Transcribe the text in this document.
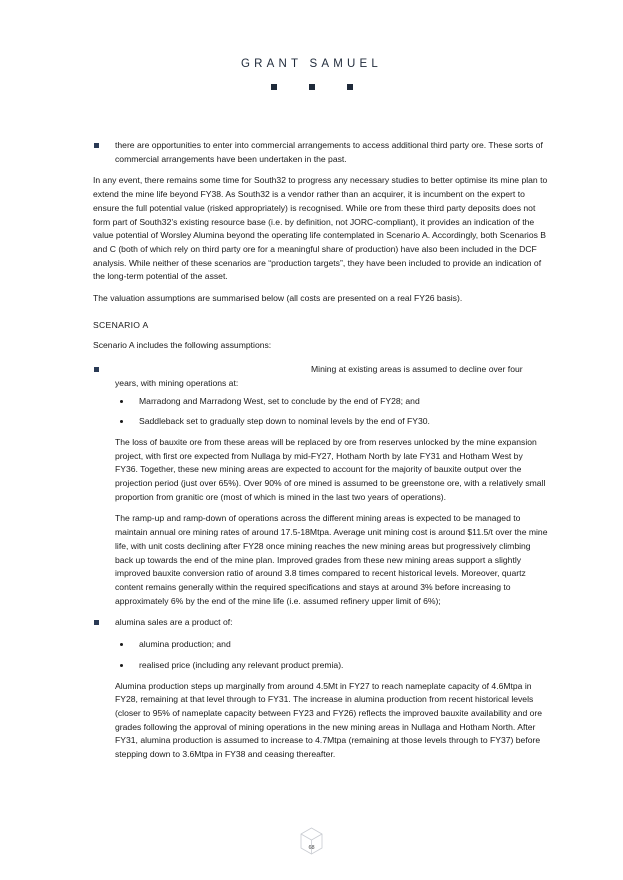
GRANT SAMUEL
there are opportunities to enter into commercial arrangements to access additional third party ore. These sorts of commercial arrangements have been undertaken in the past.

In any event, there remains some time for South32 to progress any necessary studies to better optimise its mine plan to extend the mine life beyond FY38. As South32 is a vendor rather than an acquirer, it is incumbent on the expert to ensure the full potential value (risked appropriately) is recognised. While ore from these third party deposits does not form part of South32’s existing resource base (i.e. by definition, not JORC-compliant), it provides an indication of the value potential of Worsley Alumina beyond the operating life contemplated in Scenario A. Accordingly, both Scenarios B and C (both of which rely on third party ore for a meaningful share of production) have also been included in the DCF analysis. While neither of these scenarios are “production targets”, they have been included to provide an indication of the long-term potential of the asset.

The valuation assumptions are summarised below (all costs are presented on a real FY26 basis).

SCENARIO A

Scenario A includes the following assumptions:

Mining at existing areas is assumed to decline over four
years, with mining operations at:
Marradong and Marradong West, set to conclude by the end of FY28; and
Saddleback set to gradually step down to nominal levels by the end of FY30.

The loss of bauxite ore from these areas will be replaced by ore from reserves unlocked by the mine expansion project, with first ore expected from Nullaga by mid-FY27, Hotham North by late FY31 and Hotham West by FY36. Together, these new mining areas are expected to account for the majority of bauxite output over the projection period (just over 65%). Over 90% of ore mined is assumed to be greenstone ore, with a relatively small proportion from granitic ore (most of which is mined in the last two years of operations).

The ramp-up and ramp-down of operations across the different mining areas is expected to be managed to maintain annual ore mining rates of around 17.5-18Mtpa. Average unit mining cost is around $11.5/t over the mine life, with unit costs declining after FY28 once mining reaches the new mining areas but progressively climbing back up towards the end of the mine plan. Improved grades from these new mining areas support a slightly improved bauxite conversion ratio of around 3.8 times compared to recent historical levels. Moreover, quartz content remains generally within the required specifications and stays at around 3% before increasing to approximately 6% by the end of the mine life (i.e. assumed refinery upper limit of 6%);

alumina sales are a product of:
alumina production; and
realised price (including any relevant product premia).

Alumina production steps up marginally from around 4.5Mt in FY27 to reach nameplate capacity of 4.6Mtpa in FY28, remaining at that level through to FY31. The increase in alumina production from recent historical levels (closer to 95% of nameplate capacity between FY23 and FY26) reflects the improved bauxite availability and ore grades following the approval of mining operations in the new mining areas in Nullaga and Hotham North. After FY31, alumina production is assumed to increase to 4.7Mtpa (remaining at those levels through to FY37) before stepping down to 3.6Mtpa in FY38 and ceasing thereafter.

68
